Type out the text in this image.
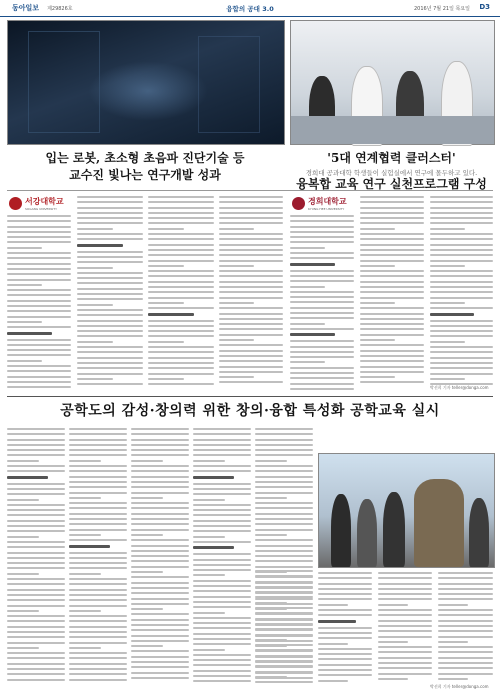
동아일보 제29826호	융합의 공대 3.0	2016년 7월 21일 목요일 D3
입는 로봇, 초소형 초음파 진단기술 등
교수진 빛나는 연구개발 성과
'5대 연계협력 클러스터'
경희대 공과대학 학생들이 실험실에서 연구에 몰두하고 있다.
융복합 교육 연구 실천프로그램 구성
서강대학교
SOGANG UNIVERSITY
경희대학교
KYUNG HEE UNIVERSITY
박선희 기자 teller@donga.com
공학도의 감성·창의력 위한 창의·융합 특성화 공학교육 실시
박선희 기자 teller@donga.com
